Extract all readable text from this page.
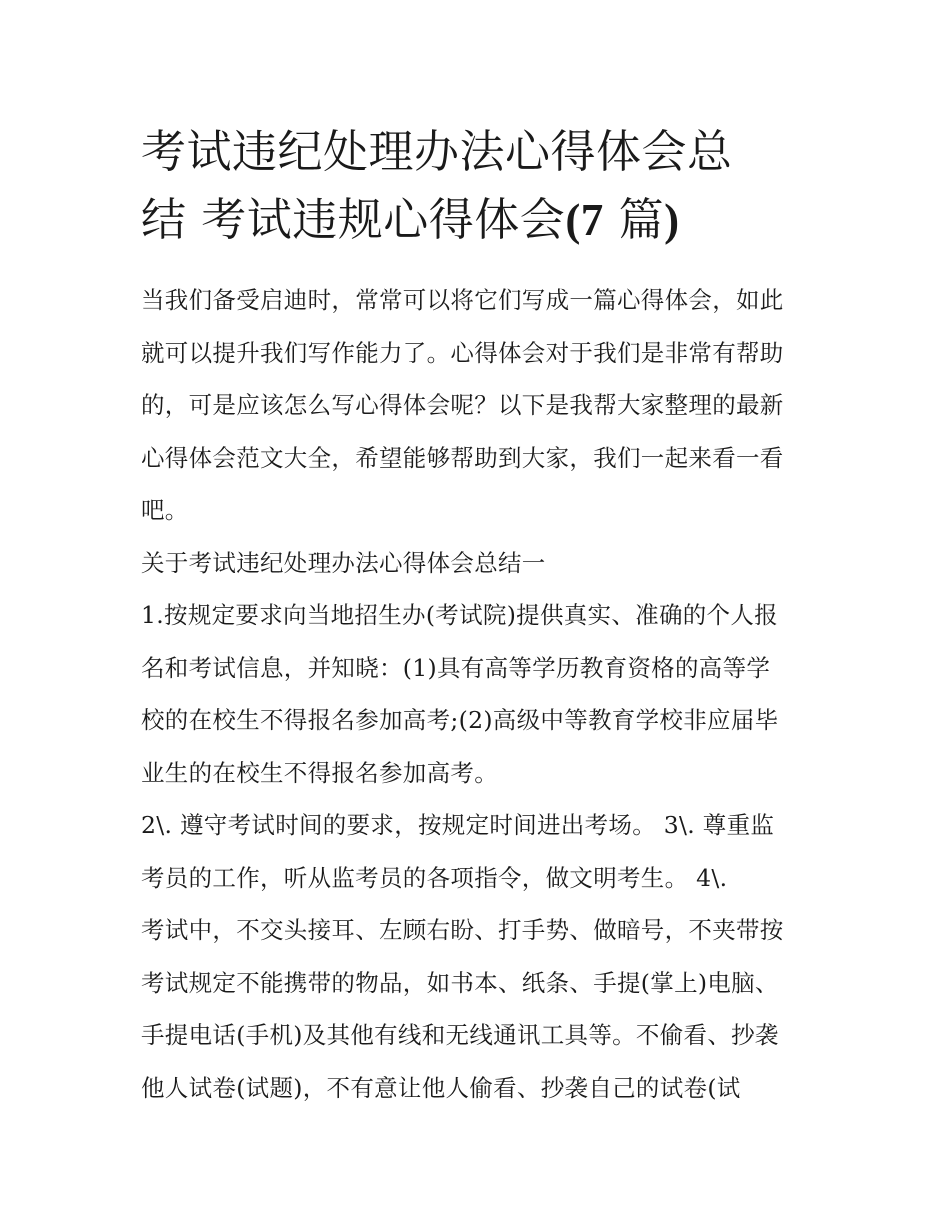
考试违纪处理办法心得体会总
结 考试违规心得体会(7 篇)

当我们备受启迪时，常常可以将它们写成一篇心得体会，如此
就可以提升我们写作能力了。心得体会对于我们是非常有帮助
的，可是应该怎么写心得体会呢？以下是我帮大家整理的最新
心得体会范文大全，希望能够帮助到大家，我们一起来看一看
吧。

关于考试违纪处理办法心得体会总结一

1.按规定要求向当地招生办(考试院)提供真实、准确的个人报
名和考试信息，并知晓：(1)具有高等学历教育资格的高等学
校的在校生不得报名参加高考;(2)高级中等教育学校非应届毕
业生的在校生不得报名参加高考。

2\. 遵守考试时间的要求，按规定时间进出考场。 3\. 尊重监
考员的工作，听从监考员的各项指令，做文明考生。 4\.
考试中，不交头接耳、左顾右盼、打手势、做暗号，不夹带按
考试规定不能携带的物品，如书本、纸条、手提(掌上)电脑、
手提电话(手机)及其他有线和无线通讯工具等。不偷看、抄袭
他人试卷(试题)，不有意让他人偷看、抄袭自己的试卷(试
